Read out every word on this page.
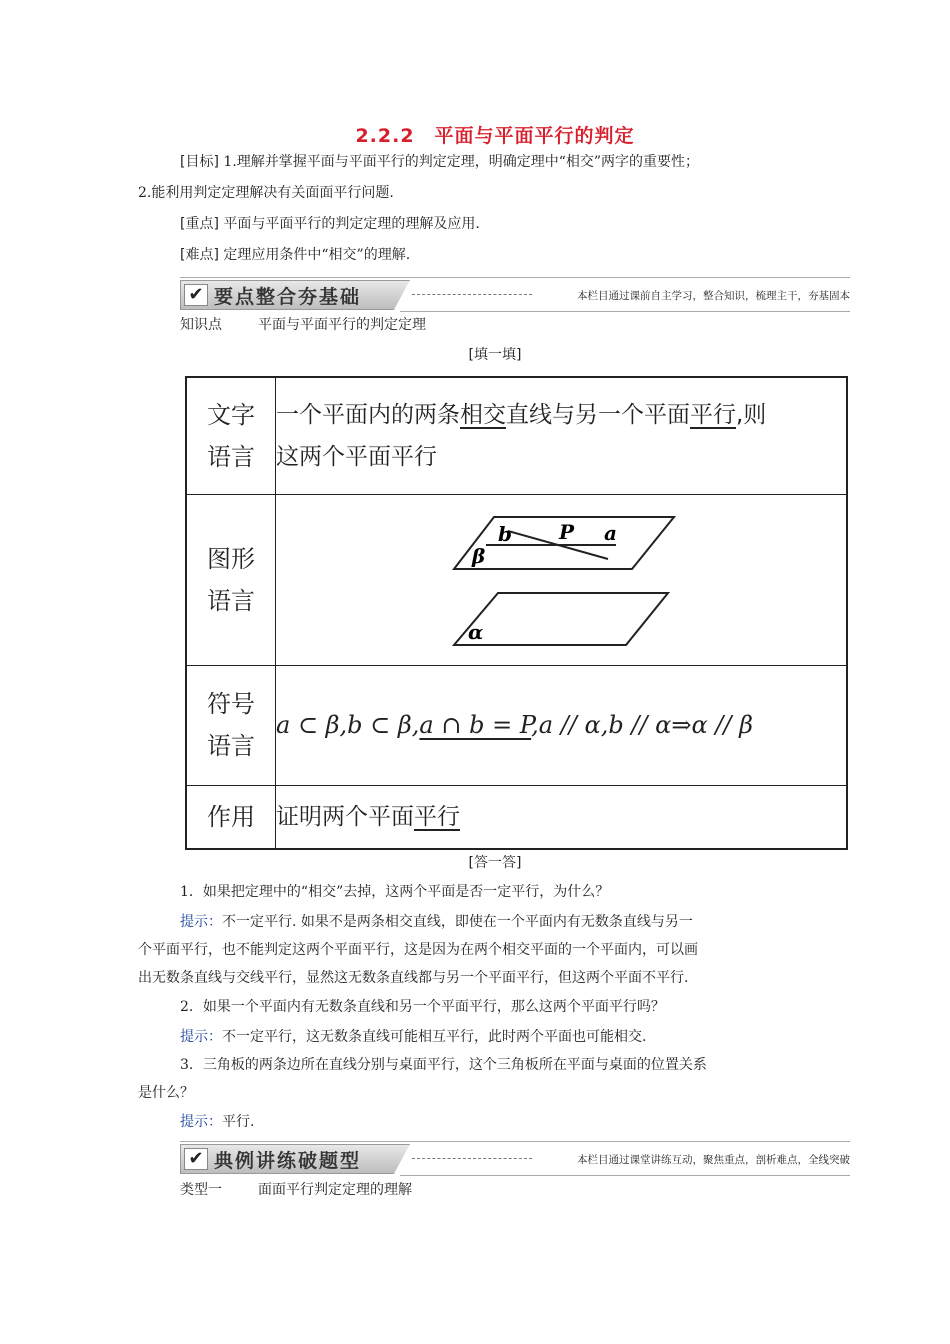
2.2.2　平面与平面平行的判定
[目标] 1.理解并掌握平面与平面平行的判定定理，明确定理中“相交”两字的重要性；
2.能利用判定定理解决有关面面平行问题.
[重点] 平面与平面平行的判定定理的理解及应用.
[难点] 定理应用条件中“相交”的理解.
✔ 要点整合夯基础	本栏目通过课前自主学习，整合知识，梳理主干，夯基固本
知识点	平面与平面平行的判定定理
[填一填]
文字
语言	一个平面内的两条相交直线与另一个平面平行,则
这两个平面平行
图形
语言	b P a
β
α

符号
语言	a ⊂ β,b ⊂ β,a ∩ b = P,a // α,b // α⇒α // β
作用	证明两个平面平行
[答一答]
1．如果把定理中的“相交”去掉，这两个平面是否一定平行，为什么？
提示：不一定平行. 如果不是两条相交直线，即使在一个平面内有无数条直线与另一
个平面平行，也不能判定这两个平面平行，这是因为在两个相交平面的一个平面内，可以画
出无数条直线与交线平行，显然这无数条直线都与另一个平面平行，但这两个平面不平行.
2．如果一个平面内有无数条直线和另一个平面平行，那么这两个平面平行吗？
提示：不一定平行，这无数条直线可能相互平行，此时两个平面也可能相交.
3．三角板的两条边所在直线分别与桌面平行，这个三角板所在平面与桌面的位置关系
是什么？
提示：平行.
✔ 典例讲练破题型	本栏目通过课堂讲练互动，聚焦重点，剖析难点，全线突破
类型一	面面平行判定定理的理解
